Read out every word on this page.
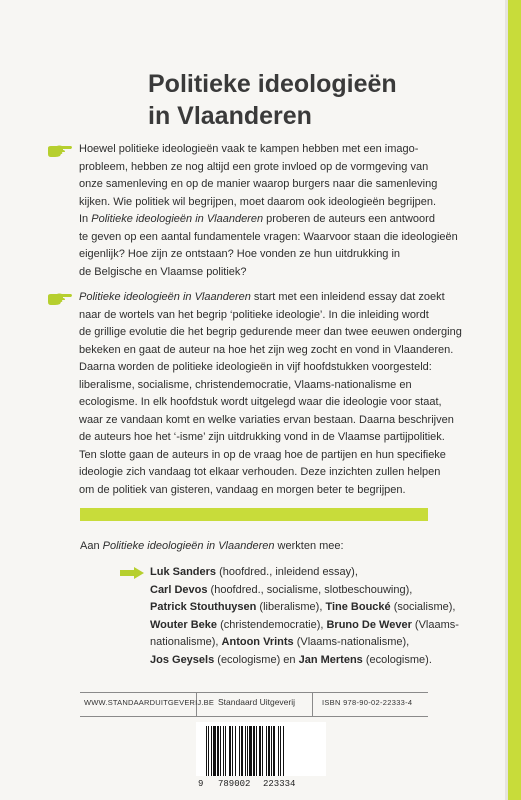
Politieke ideologieën
in Vlaanderen
Hoewel politieke ideologieën vaak te kampen hebben met een imago-
probleem, hebben ze nog altijd een grote invloed op de vormgeving van
onze samenleving en op de manier waarop burgers naar die samenleving
kijken. Wie politiek wil begrijpen, moet daarom ook ideologieën begrijpen.
In Politieke ideologieën in Vlaanderen proberen de auteurs een antwoord
te geven op een aantal fundamentele vragen: Waarvoor staan die ideologieën
eigenlijk? Hoe zijn ze ontstaan? Hoe vonden ze hun uitdrukking in
de Belgische en Vlaamse politiek?
Politieke ideologieën in Vlaanderen start met een inleidend essay dat zoekt
naar de wortels van het begrip ‘politieke ideologie’. In die inleiding wordt
de grillige evolutie die het begrip gedurende meer dan twee eeuwen onderging
bekeken en gaat de auteur na hoe het zijn weg zocht en vond in Vlaanderen.
Daarna worden de politieke ideologieën in vijf hoofdstukken voorgesteld:
liberalisme, socialisme, christendemocratie, Vlaams-nationalisme en
ecologisme. In elk hoofdstuk wordt uitgelegd waar die ideologie voor staat,
waar ze vandaan komt en welke variaties ervan bestaan. Daarna beschrijven
de auteurs hoe het ‘-isme’ zijn uitdrukking vond in de Vlaamse partijpolitiek.
Ten slotte gaan de auteurs in op de vraag hoe de partijen en hun specifieke
ideologie zich vandaag tot elkaar verhouden. Deze inzichten zullen helpen
om de politiek van gisteren, vandaag en morgen beter te begrijpen.
Aan Politieke ideologieën in Vlaanderen werkten mee:
Luk Sanders (hoofdred., inleidend essay),
Carl Devos (hoofdred., socialisme, slotbeschouwing),
Patrick Stouthuysen (liberalisme), Tine Boucké (socialisme),
Wouter Beke (christendemocratie), Bruno De Wever (Vlaams-
nationalisme), Antoon Vrints (Vlaams-nationalisme),
Jos Geysels (ecologisme) en Jan Mertens (ecologisme).
WWW.STANDAARDUITGEVERIJ.BE Standaard Uitgeverij	ISBN 978-90-02-22333-4
9 789002 223334
